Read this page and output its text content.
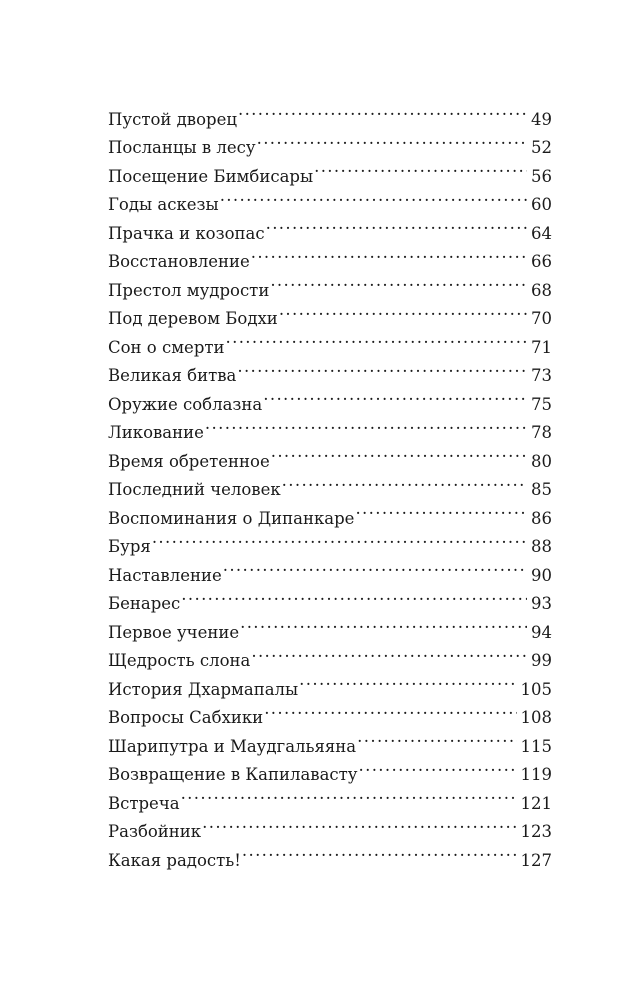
Пустой дворец .....	49
Посланцы в лесу .....	52
Посещение Бимбисары .....	56
Годы аскезы .....	60
Прачка и козопас .....	64
Восстановление .....	66
Престол мудрости .....	68
Под деревом Бодхи .....	70
Сон о смерти .....	71
Великая битва .....	73
Оружие соблазна .....	75
Ликование .....	78
Время обретенное .....	80
Последний человек .....	85
Воспоминания о Дипанкаре .....	86
Буря .....	88
Наставление .....	90
Бенарес .....	93
Первое учение .....	94
Щедрость слона .....	99
История Дхармапалы .....	105
Вопросы Сабхики .....	108
Шарипутра и Маудгальяяна .....	115
Возвращение в Капилавасту .....	119
Встреча .....	121
Разбойник .....	123
Какая радость! .....	127
